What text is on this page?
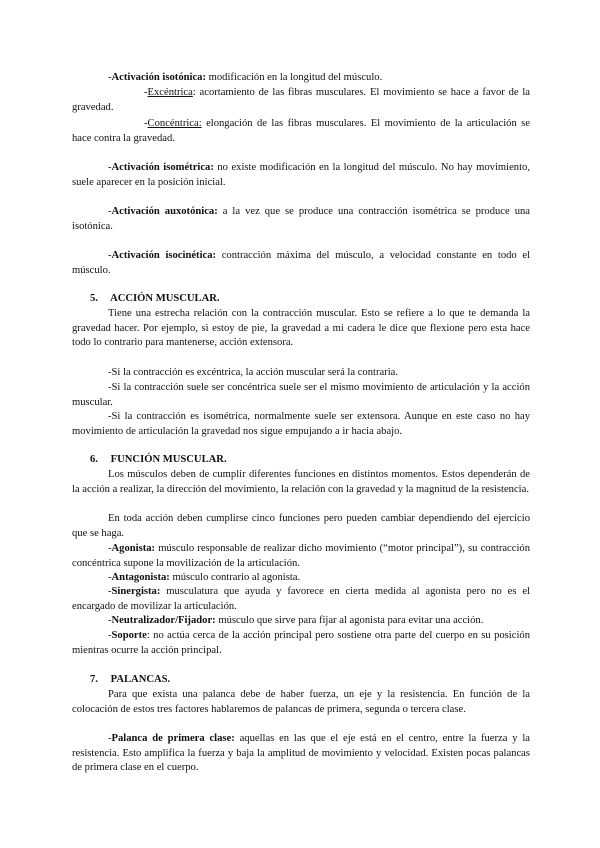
-Activación isotónica: modificación en la longitud del músculo.

-Excéntrica: acortamiento de las fibras musculares. El movimiento se hace a favor de la gravedad.

-Concéntrica: elongación de las fibras musculares. El movimiento de la articulación se hace contra la gravedad.

-Activación isométrica: no existe modificación en la longitud del músculo. No hay movimiento, suele aparecer en la posición inicial.

-Activación auxotónica: a la vez que se produce una contracción isométrica se produce una isotónica.

-Activación isocinética: contracción máxima del músculo, a velocidad constante en todo el músculo.

5. ACCIÓN MUSCULAR.

Tiene una estrecha relación con la contracción muscular. Esto se refiere a lo que te demanda la gravedad hacer. Por ejemplo, si estoy de pie, la gravedad a mi cadera le dice que flexione pero esta hace todo lo contrario para mantenerse, acción extensora.

-Si la contracción es excéntrica, la acción muscular será la contraria.

-Si la contracción suele ser concéntrica suele ser el mismo movimiento de articulación y la acción muscular.

-Si la contracción es isométrica, normalmente suele ser extensora. Aunque en este caso no hay movimiento de articulación la gravedad nos sigue empujando a ir hacia abajo.

6. FUNCIÓN MUSCULAR.

Los músculos deben de cumplir diferentes funciones en distintos momentos. Estos dependerán de la acción a realizar, la dirección del movimiento, la relación con la gravedad y la magnitud de la resistencia.

En toda acción deben cumplirse cinco funciones pero pueden cambiar dependiendo del ejercicio que se haga.

-Agonista: músculo responsable de realizar dicho movimiento (“motor principal”), su contracción concéntrica supone la movilización de la articulación.

-Antagonista: músculo contrario al agonista.

-Sinergista: musculatura que ayuda y favorece en cierta medida al agonista pero no es el encargado de movilizar la articulación.

-Neutralizador/Fijador: músculo que sirve para fijar al agonista para evitar una acción.

-Soporte: no actúa cerca de la acción principal pero sostiene otra parte del cuerpo en su posición mientras ocurre la acción principal.

7. PALANCAS.

Para que exista una palanca debe de haber fuerza, un eje y la resistencia. En función de la colocación de estos tres factores hablaremos de palancas de primera, segunda o tercera clase.

-Palanca de primera clase: aquellas en las que el eje está en el centro, entre la fuerza y la resistencia. Esto amplifica la fuerza y baja la amplitud de movimiento y velocidad. Existen pocas palancas de primera clase en el cuerpo.
